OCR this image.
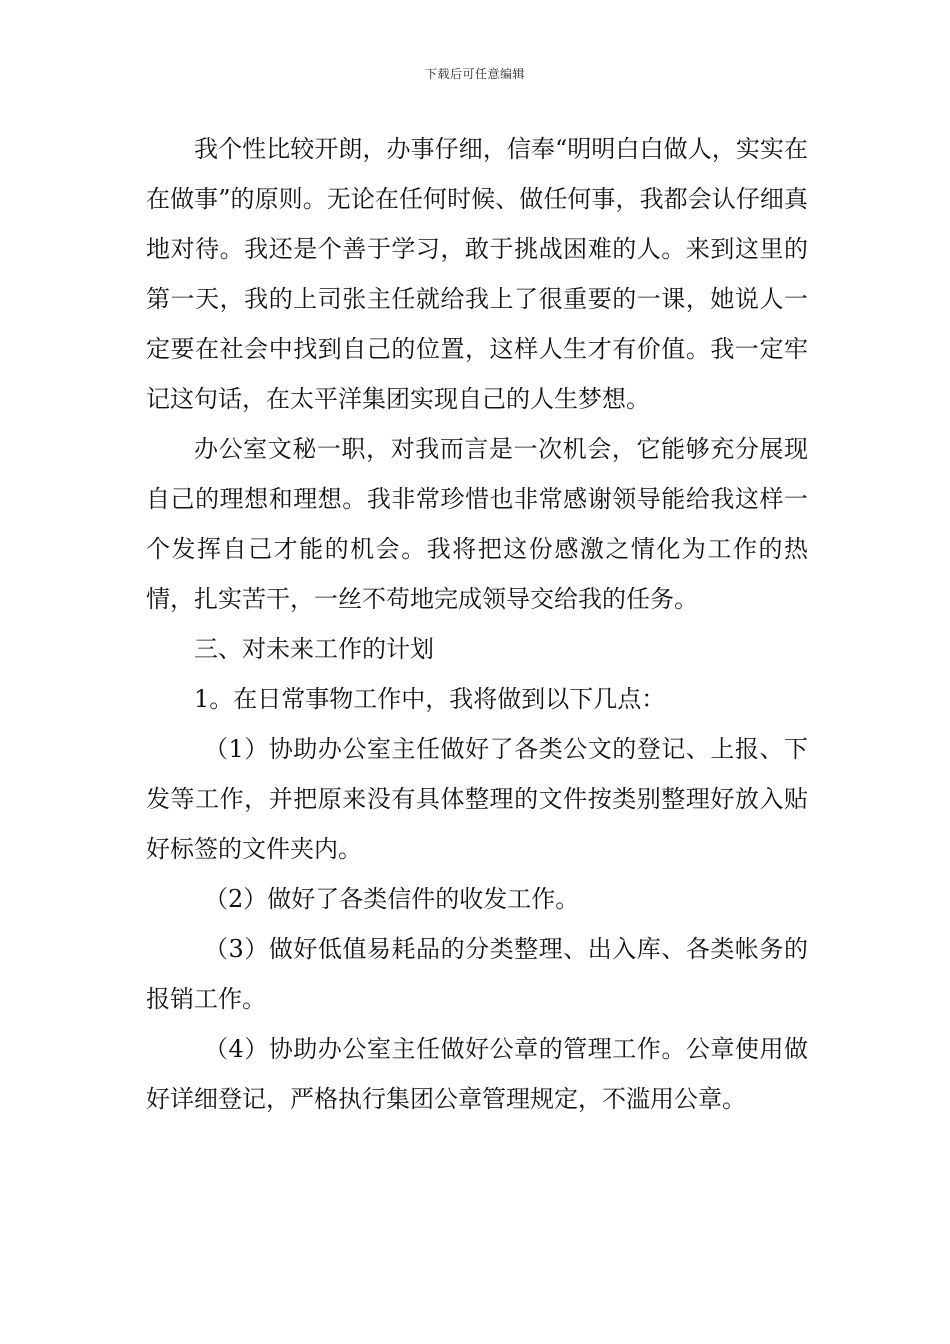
下载后可任意编辑

我个性比较开朗，办事仔细，信奉“明明白白做人，实实在在做事”的原则。无论在任何时候、做任何事，我都会认仔细真地对待。我还是个善于学习，敢于挑战困难的人。来到这里的第一天，我的上司张主任就给我上了很重要的一课，她说人一定要在社会中找到自己的位置，这样人生才有价值。我一定牢记这句话，在太平洋集团实现自己的人生梦想。

办公室文秘一职，对我而言是一次机会，它能够充分展现自己的理想和理想。我非常珍惜也非常感谢领导能给我这样一个发挥自己才能的机会。我将把这份感激之情化为工作的热情，扎实苦干，一丝不苟地完成领导交给我的任务。

三、对未来工作的计划

1。在日常事物工作中，我将做到以下几点：

（1）协助办公室主任做好了各类公文的登记、上报、下发等工作，并把原来没有具体整理的文件按类别整理好放入贴好标签的文件夹内。

（2）做好了各类信件的收发工作。

（3）做好低值易耗品的分类整理、出入库、各类帐务的报销工作。

（4）协助办公室主任做好公章的管理工作。公章使用做好详细登记，严格执行集团公章管理规定，不滥用公章。
